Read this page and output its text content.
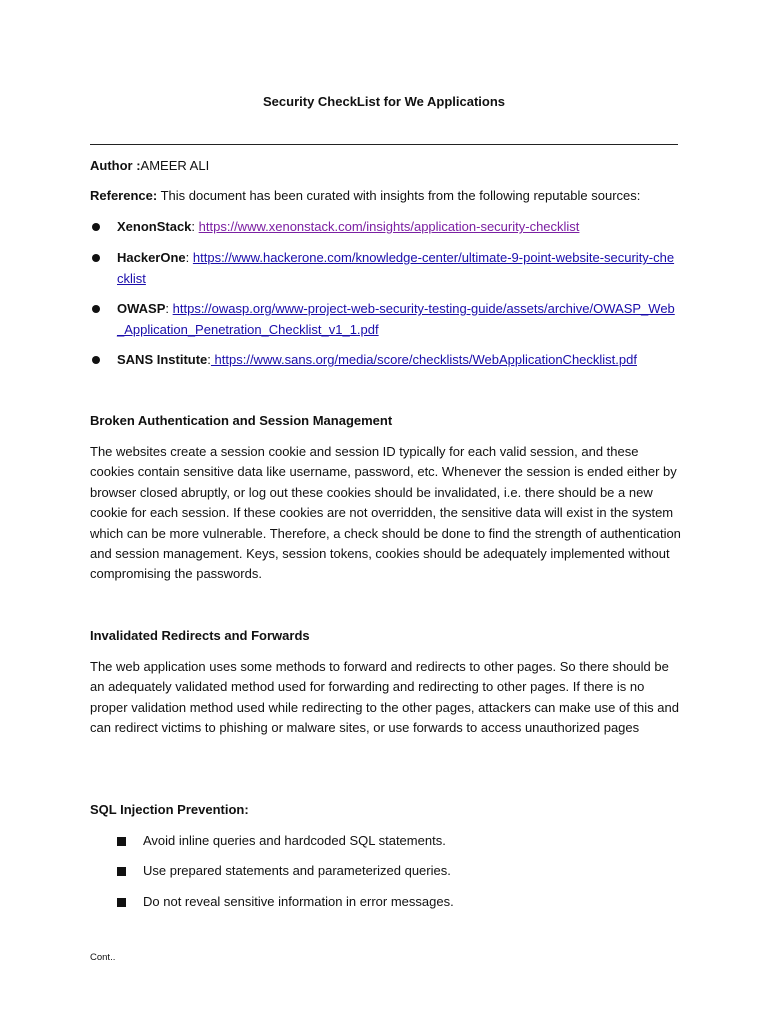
Security CheckList for We Applications
Author :AMEER ALI
Reference: This document has been curated with insights from the following reputable sources:
XenonStack: https://www.xenonstack.com/insights/application-security-checklist
HackerOne: https://www.hackerone.com/knowledge-center/ultimate-9-point-website-security-checklist
OWASP: https://owasp.org/www-project-web-security-testing-guide/assets/archive/OWASP_Web_Application_Penetration_Checklist_v1_1.pdf
SANS Institute: https://www.sans.org/media/score/checklists/WebApplicationChecklist.pdf
Broken Authentication and Session Management
The websites create a session cookie and session ID typically for each valid session, and these cookies contain sensitive data like username, password, etc. Whenever the session is ended either by browser closed abruptly, or log out these cookies should be invalidated, i.e. there should be a new cookie for each session. If these cookies are not overridden, the sensitive data will exist in the system which can be more vulnerable. Therefore, a check should be done to find the strength of authentication and session management. Keys, session tokens, cookies should be adequately implemented without compromising the passwords.
Invalidated Redirects and Forwards
The web application uses some methods to forward and redirects to other pages. So there should be an adequately validated method used for forwarding and redirecting to other pages. If there is no proper validation method used while redirecting to the other pages, attackers can make use of this and can redirect victims to phishing or malware sites, or use forwards to access unauthorized pages
SQL Injection Prevention:
Avoid inline queries and hardcoded SQL statements.
Use prepared statements and parameterized queries.
Do not reveal sensitive information in error messages.
Cont..
